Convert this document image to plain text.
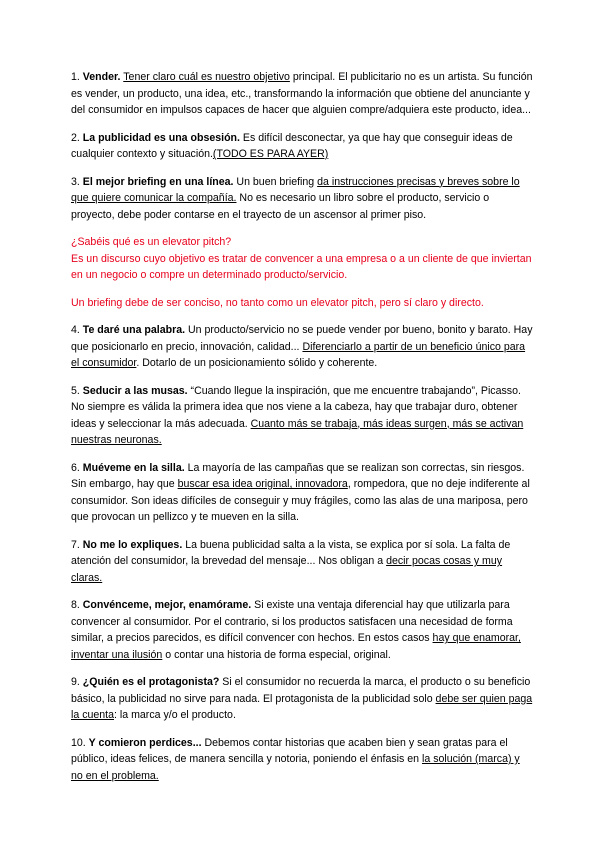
1. Vender. Tener claro cuál es nuestro objetivo principal. El publicitario no es un artista. Su función es vender, un producto, una idea, etc., transformando la información que obtiene del anunciante y del consumidor en impulsos capaces de hacer que alguien compre/adquiera este producto, idea...
2. La publicidad es una obsesión. Es difícil desconectar, ya que hay que conseguir ideas de cualquier contexto y situación.(TODO ES PARA AYER)
3. El mejor briefing en una línea. Un buen briefing da instrucciones precisas y breves sobre lo que quiere comunicar la compañía. No es necesario un libro sobre el producto, servicio o proyecto, debe poder contarse en el trayecto de un ascensor al primer piso.
¿Sabéis qué es un elevator pitch?
Es un discurso cuyo objetivo es tratar de convencer a una empresa o a un cliente de que inviertan en un negocio o compre un determinado producto/servicio.
Un briefing debe de ser conciso, no tanto como un elevator pitch, pero sí claro y directo.
4. Te daré una palabra. Un producto/servicio no se puede vender por bueno, bonito y barato. Hay que posicionarlo en precio, innovación, calidad... Diferenciarlo a partir de un beneficio único para el consumidor. Dotarlo de un posicionamiento sólido y coherente.
5. Seducir a las musas. “Cuando llegue la inspiración, que me encuentre trabajando”, Picasso. No siempre es válida la primera idea que nos viene a la cabeza, hay que trabajar duro, obtener ideas y seleccionar la más adecuada. Cuanto más se trabaja, más ideas surgen, más se activan nuestras neuronas.
6. Muéveme en la silla. La mayoría de las campañas que se realizan son correctas, sin riesgos. Sin embargo, hay que buscar esa idea original, innovadora, rompedora, que no deje indiferente al consumidor. Son ideas difíciles de conseguir y muy frágiles, como las alas de una mariposa, pero que provocan un pellizco y te mueven en la silla.
7. No me lo expliques. La buena publicidad salta a la vista, se explica por sí sola. La falta de atención del consumidor, la brevedad del mensaje... Nos obligan a decir pocas cosas y muy claras.
8. Convénceme, mejor, enamórame. Si existe una ventaja diferencial hay que utilizarla para convencer al consumidor. Por el contrario, si los productos satisfacen una necesidad de forma similar, a precios parecidos, es difícil convencer con hechos. En estos casos hay que enamorar, inventar una ilusión o contar una historia de forma especial, original.
9. ¿Quién es el protagonista? Si el consumidor no recuerda la marca, el producto o su beneficio básico, la publicidad no sirve para nada. El protagonista de la publicidad solo debe ser quien paga la cuenta: la marca y/o el producto.
10. Y comieron perdices... Debemos contar historias que acaben bien y sean gratas para el público, ideas felices, de manera sencilla y notoria, poniendo el énfasis en la solución (marca) y no en el problema.
